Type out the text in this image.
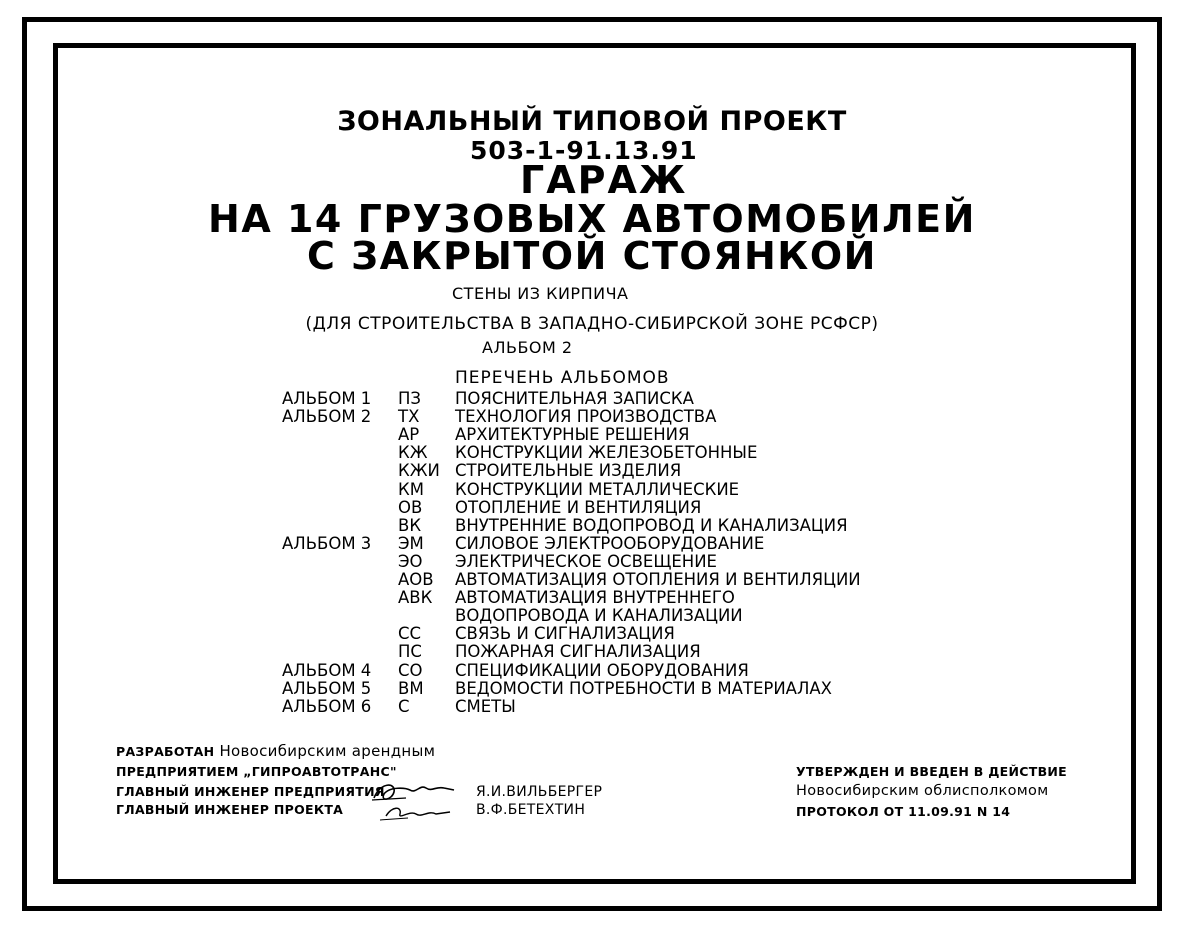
ЗОНАЛЬНЫЙ ТИПОВОЙ ПРОЕКТ
503-1-91.13.91
ГАРАЖ
НА 14 ГРУЗОВЫХ АВТОМОБИЛЕЙ
С ЗАКРЫТОЙ СТОЯНКОЙ
СТЕНЫ ИЗ КИРПИЧА
(ДЛЯ СТРОИТЕЛЬСТВА В ЗАПАДНО-СИБИРСКОЙ ЗОНЕ РСФСР)
АЛЬБОМ 2
ПЕРЕЧЕНЬ АЛЬБОМОВ
АЛЬБОМ 1 ПЗ ПОЯСНИТЕЛЬНАЯ ЗАПИСКА
АЛЬБОМ 2 ТХ ТЕХНОЛОГИЯ ПРОИЗВОДСТВА
АР АРХИТЕКТУРНЫЕ РЕШЕНИЯ
КЖ КОНСТРУКЦИИ ЖЕЛЕЗОБЕТОННЫЕ
КЖИ СТРОИТЕЛЬНЫЕ ИЗДЕЛИЯ
КМ КОНСТРУКЦИИ МЕТАЛЛИЧЕСКИЕ
ОВ ОТОПЛЕНИЕ И ВЕНТИЛЯЦИЯ
ВК ВНУТРЕННИЕ ВОДОПРОВОД И КАНАЛИЗАЦИЯ
АЛЬБОМ 3 ЭМ СИЛОВОЕ ЭЛЕКТРООБОРУДОВАНИЕ
ЭО ЭЛЕКТРИЧЕСКОЕ ОСВЕЩЕНИЕ
АОВ АВТОМАТИЗАЦИЯ ОТОПЛЕНИЯ И ВЕНТИЛЯЦИИ
АВК АВТОМАТИЗАЦИЯ ВНУТРЕННЕГО
ВОДОПРОВОДА И КАНАЛИЗАЦИИ
СС СВЯЗЬ И СИГНАЛИЗАЦИЯ
ПС ПОЖАРНАЯ СИГНАЛИЗАЦИЯ
АЛЬБОМ 4 СО СПЕЦИФИКАЦИИ ОБОРУДОВАНИЯ
АЛЬБОМ 5 ВМ ВЕДОМОСТИ ПОТРЕБНОСТИ В МАТЕРИАЛАХ
АЛЬБОМ 6 С	СМЕТЫ
РАЗРАБОТАН Новосибирским арендным
ПРЕДПРИЯТИЕМ „ГИПРОАВТОТРАНС"
ГЛАВНЫЙ ИНЖЕНЕР ПРЕДПРИЯТИЯ
ГЛАВНЫЙ ИНЖЕНЕР ПРОЕКТА
Я.И.ВИЛЬБЕРГЕР
В.Ф.БЕТЕХТИН
УТВЕРЖДЕН И ВВЕДЕН В ДЕЙСТВИЕ
Новосибирским облисполкомом
ПРОТОКОЛ ОТ 11.09.91 N 14
